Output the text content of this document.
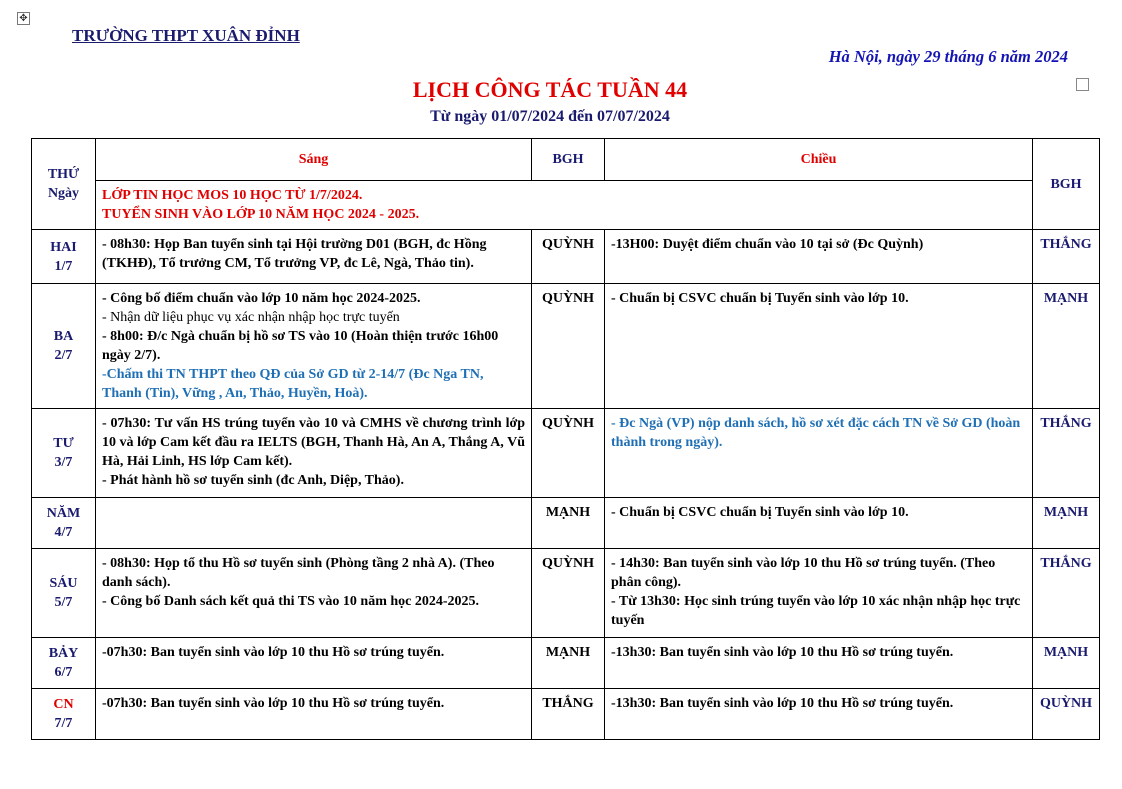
✥
TRƯỜNG THPT XUÂN ĐỈNH
Hà Nội, ngày 29 tháng 6 năm 2024
LỊCH CÔNG TÁC TUẦN 44
Từ ngày 01/07/2024 đến 07/07/2024
THỨ
Ngày	Sáng	BGH	Chiều	BGH

	LỚP TIN HỌC MOS 10 HỌC TỪ 1/7/2024.
TUYỂN SINH VÀO LỚP 10 NĂM HỌC 2024 - 2025.			

HAI
1/7	- 08h30: Họp Ban tuyển sinh tại Hội trường D01 (BGH, đc Hồng (TKHĐ), Tổ trưởng CM, Tổ trưởng VP, đc Lê, Ngà, Thảo tin).	QUỲNH	-13H00: Duyệt điểm chuẩn vào 10 tại sở (Đc Quỳnh)	THẮNG

BA
2/7	- Công bố điểm chuẩn vào lớp 10 năm học 2024-2025.
- Nhận dữ liệu phục vụ xác nhận nhập học trực tuyến
- 8h00: Đ/c Ngà chuẩn bị hồ sơ TS vào 10 (Hoàn thiện trước 16h00 ngày 2/7).
-Chấm thi TN THPT theo QĐ của Sở GD từ 2-14/7 (Đc Nga TN, Thanh (Tin), Vững , An, Thảo, Huyền, Hoà).	QUỲNH	- Chuẩn bị CSVC chuẩn bị Tuyển sinh vào lớp 10.	MẠNH

TƯ
3/7	- 07h30: Tư vấn HS trúng tuyển vào 10 và CMHS về chương trình lớp 10 và lớp Cam kết đầu ra IELTS (BGH, Thanh Hà, An A, Thắng A, Vũ Hà, Hải Linh, HS lớp Cam kết).
- Phát hành hồ sơ tuyển sinh (đc Anh, Diệp, Thảo).	QUỲNH	- Đc Ngà (VP) nộp danh sách, hồ sơ xét đặc cách TN về Sở GD (hoàn thành trong ngày).	THẮNG

NĂM
4/7		MẠNH	- Chuẩn bị CSVC chuẩn bị Tuyển sinh vào lớp 10.	MẠNH

SÁU
5/7	- 08h30: Họp tổ thu Hồ sơ tuyển sinh (Phòng tầng 2 nhà A). (Theo danh sách).
- Công bố Danh sách kết quả thi TS vào 10 năm học 2024-2025.	QUỲNH	- 14h30: Ban tuyển sinh vào lớp 10 thu Hồ sơ trúng tuyển. (Theo phân công).
- Từ 13h30: Học sinh trúng tuyển vào lớp 10 xác nhận nhập học trực tuyến	THẮNG

BẢY
6/7	-07h30: Ban tuyển sinh vào lớp 10 thu Hồ sơ trúng tuyển.	MẠNH	-13h30: Ban tuyển sinh vào lớp 10 thu Hồ sơ trúng tuyển.	MẠNH

CN
7/7	-07h30: Ban tuyển sinh vào lớp 10 thu Hồ sơ trúng tuyển.	THẮNG	-13h30: Ban tuyển sinh vào lớp 10 thu Hồ sơ trúng tuyển.	QUỲNH
